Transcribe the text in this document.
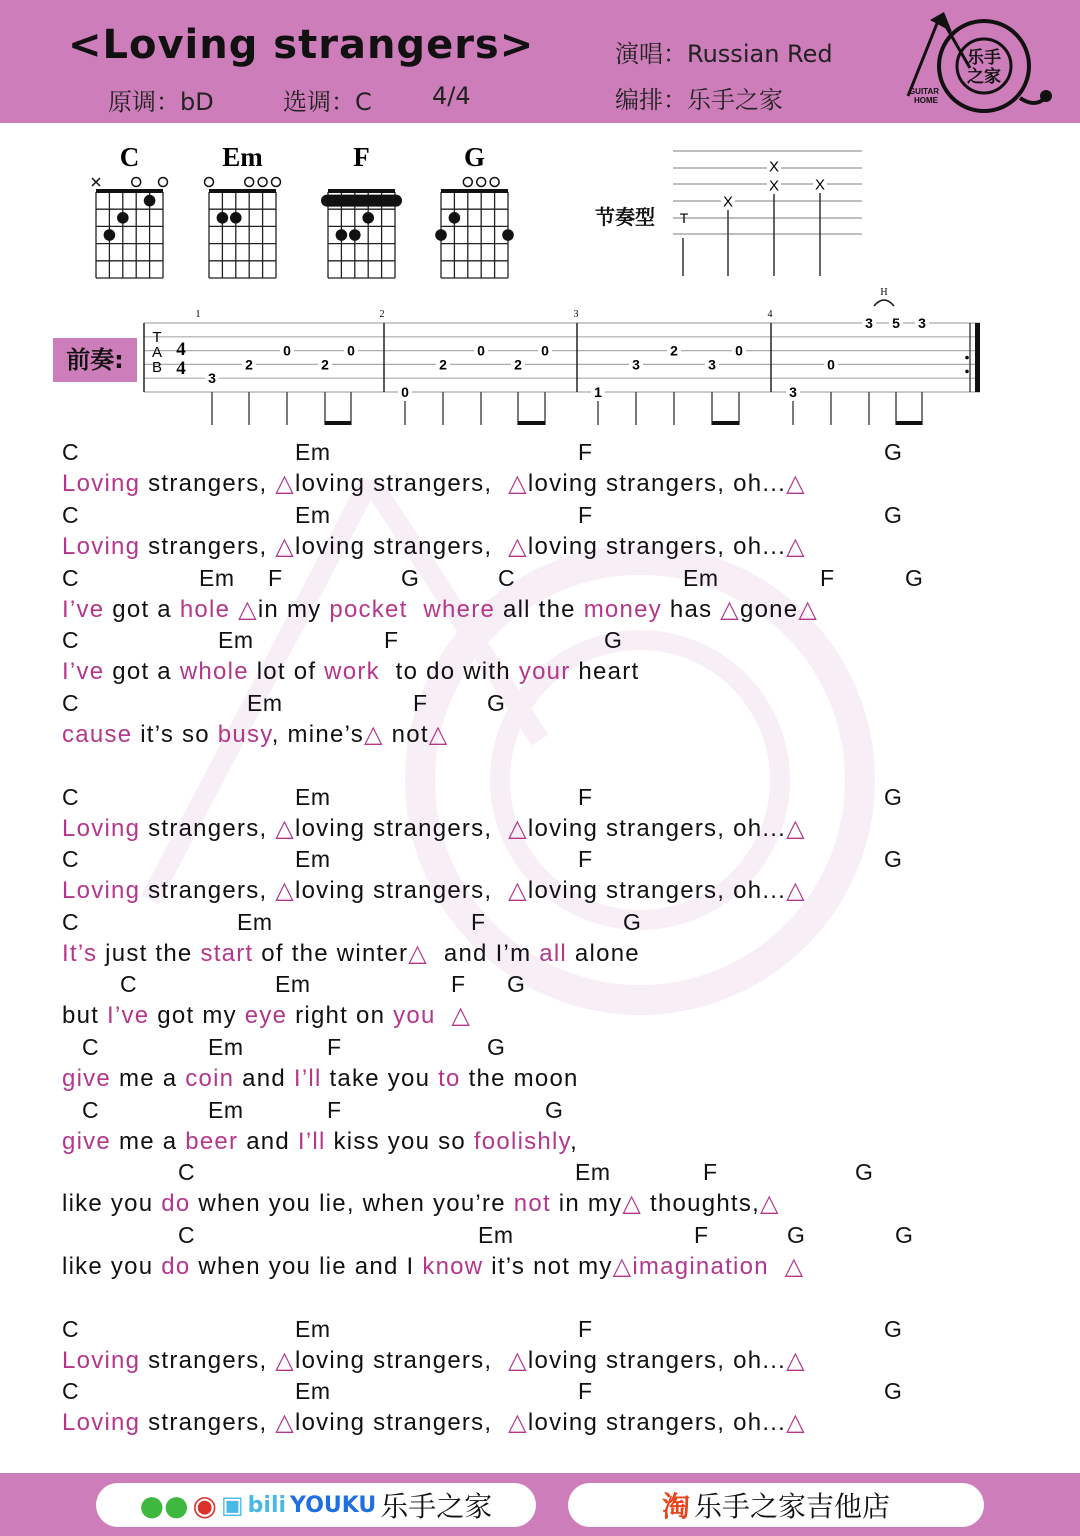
<Loving strangers>
原调：bD	选调：C	4/4
演唱：Russian Red
编排：乐手之家
乐手
之家
GUITAR
HOME
C	Em	F	G
节奏型 T
X
X
X X
前奏:
T
A
B
4
4
1
3
2
0
2
0
2
0
2
0
2
0
3
1
3
2
3
0
4
3
0
3 5 3
H
C	Em	F	G
Loving strangers, △loving strangers,  △loving strangers, oh...△
C	Em	F	G
Loving strangers, △loving strangers,  △loving strangers, oh...△
C	Em F	G	C	Em	F	G
I’ve got a hole △in my pocket where all the money has △gone△
C	Em	F	G
I’ve got a whole lot of work  to do with your heart
C	Em	F	G
cause it’s so busy, mine’s△ not△
C	Em	F	G
Loving strangers, △loving strangers,  △loving strangers, oh...△
C	Em	F	G
Loving strangers, △loving strangers,  △loving strangers, oh...△
C	Em	F	G
It’s just the start of the winter△  and I’m all alone
C	Em	F G
but I’ve got my eye right on you △
C	Em	F	G
give me a coin and I’ll take you to the moon
C	Em	F	G
give me a beer and I’ll kiss you so foolishly,
C	Em	F	G
like you do when you lie, when you’re not in my△ thoughts,△
C	Em	F	G	G
like you do when you lie and I know it’s not my△imagination △
C	Em	F	G
Loving strangers, △loving strangers,  △loving strangers, oh...△
C	Em	F	G
Loving strangers, △loving strangers,  △loving strangers, oh...△
●● ◉ ▣ bili YOUKU 乐手之家	淘 乐手之家吉他店
